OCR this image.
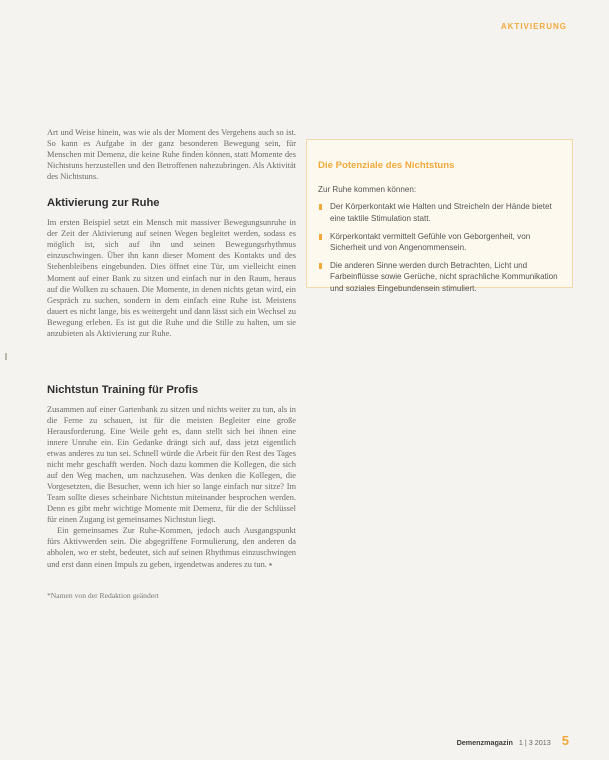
AKTIVIERUNG

Art und Weise hinein, was wie als der Moment des Vergehens auch so ist. So kann es Aufgabe in der ganz besonderen Bewegung sein, für Menschen mit Demenz, die keine Ruhe finden können, statt Momente des Nichtstuns herzustellen und den Betroffenen nahezubringen. Als Aktivität des Nichtstuns.

Aktivierung zur Ruhe

Im ersten Beispiel setzt ein Mensch mit massiver Bewegungsunruhe in der Zeit der Aktivierung auf seinen Wegen begleitet werden, sodass es möglich ist, sich auf ihn und seinen Bewegungsrhythmus einzuschwingen. Über ihn kann dieser Moment des Kontakts und des Stehenbleibens eingebunden. Dies öffnet eine Tür, um vielleicht einen Moment auf einer Bank zu sitzen und einfach nur in den Raum, heraus auf die Wolken zu schauen. Die Momente, in denen nichts getan wird, ein Gespräch zu suchen, sondern in dem einfach eine Ruhe ist. Meistens dauert es nicht lange, bis es weitergeht und dann lässt sich ein Wechsel zu Bewegung erleben. Es ist gut die Ruhe und die Stille zu halten, um sie anzubieten als Aktivierung zur Ruhe.

Nichtstun Training für Profis

Zusammen auf einer Gartenbank zu sitzen und nichts weiter zu tun, als in die Ferne zu schauen, ist für die meisten Begleiter eine große Herausforderung. Eine Weile geht es, dann stellt sich bei ihnen eine innere Unruhe ein. Ein Gedanke drängt sich auf, dass jetzt eigentlich etwas anderes zu tun sei. Schnell würde die Arbeit für den Rest des Tages nicht mehr geschafft werden. Noch dazu kommen die Kollegen, die sich auf den Weg machen, um nachzusehen. Was denken die Kollegen, die Vorgesetzten, die Besucher, wenn ich hier so lange einfach nur sitze? Im Team sollte dieses scheinbare Nichtstun miteinander besprochen werden. Denn es gibt mehr wichtige Momente mit Demenz, für die der Schlüssel für einen Zugang ist gemeinsames Nichtstun liegt.

Ein gemeinsames Zur Ruhe-Kommen, jedoch auch Ausgangspunkt fürs Aktivwerden sein. Die abgegriffene Formulierung, den anderen da abholen, wo er steht, bedeutet, sich auf seinen Rhythmus einzuschwingen und erst dann einen Impuls zu geben, irgendetwas anderes zu tun. ▪

*Namen von der Redaktion geändert

Die Potenziale des Nichtstuns

Zur Ruhe kommen können:

Der Körperkontakt wie Halten und Streicheln der Hände bietet eine taktile Stimulation statt.
Körperkontakt vermittelt Gefühle von Geborgenheit, von Sicherheit und von Angenommensein.
Die anderen Sinne werden durch Betrachten, Licht und Farbeinflüsse sowie Gerüche, nicht sprachliche Kommunikation und soziales Eingebundensein stimuliert.
Demenzmagazin 1 | 3 2013 5
